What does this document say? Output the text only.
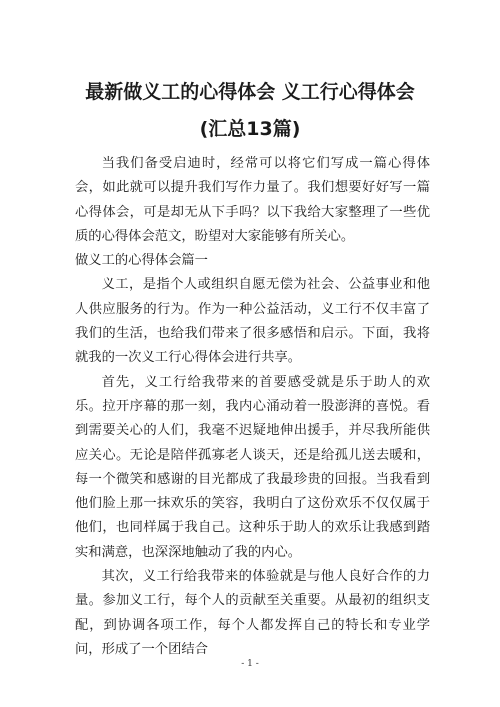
最新做义工的心得体会 义工行心得体会
(汇总13篇)

当我们备受启迪时，经常可以将它们写成一篇心得体会，如此就可以提升我们写作力量了。我们想要好好写一篇心得体会，可是却无从下手吗？以下我给大家整理了一些优质的心得体会范文，盼望对大家能够有所关心。

做义工的心得体会篇一

义工，是指个人或组织自愿无偿为社会、公益事业和他人供应服务的行为。作为一种公益活动，义工行不仅丰富了我们的生活，也给我们带来了很多感悟和启示。下面，我将就我的一次义工行心得体会进行共享。

首先，义工行给我带来的首要感受就是乐于助人的欢乐。拉开序幕的那一刻，我内心涌动着一股澎湃的喜悦。看到需要关心的人们，我毫不迟疑地伸出援手，并尽我所能供应关心。无论是陪伴孤寡老人谈天，还是给孤儿送去暖和，每一个微笑和感谢的目光都成了我最珍贵的回报。当我看到他们脸上那一抹欢乐的笑容，我明白了这份欢乐不仅仅属于他们，也同样属于我自己。这种乐于助人的欢乐让我感到踏实和满意，也深深地触动了我的内心。

其次，义工行给我带来的体验就是与他人良好合作的力量。参加义工行，每个人的贡献至关重要。从最初的组织支配，到协调各项工作，每个人都发挥自己的特长和专业学问，形成了一个团结合

- 1 -
